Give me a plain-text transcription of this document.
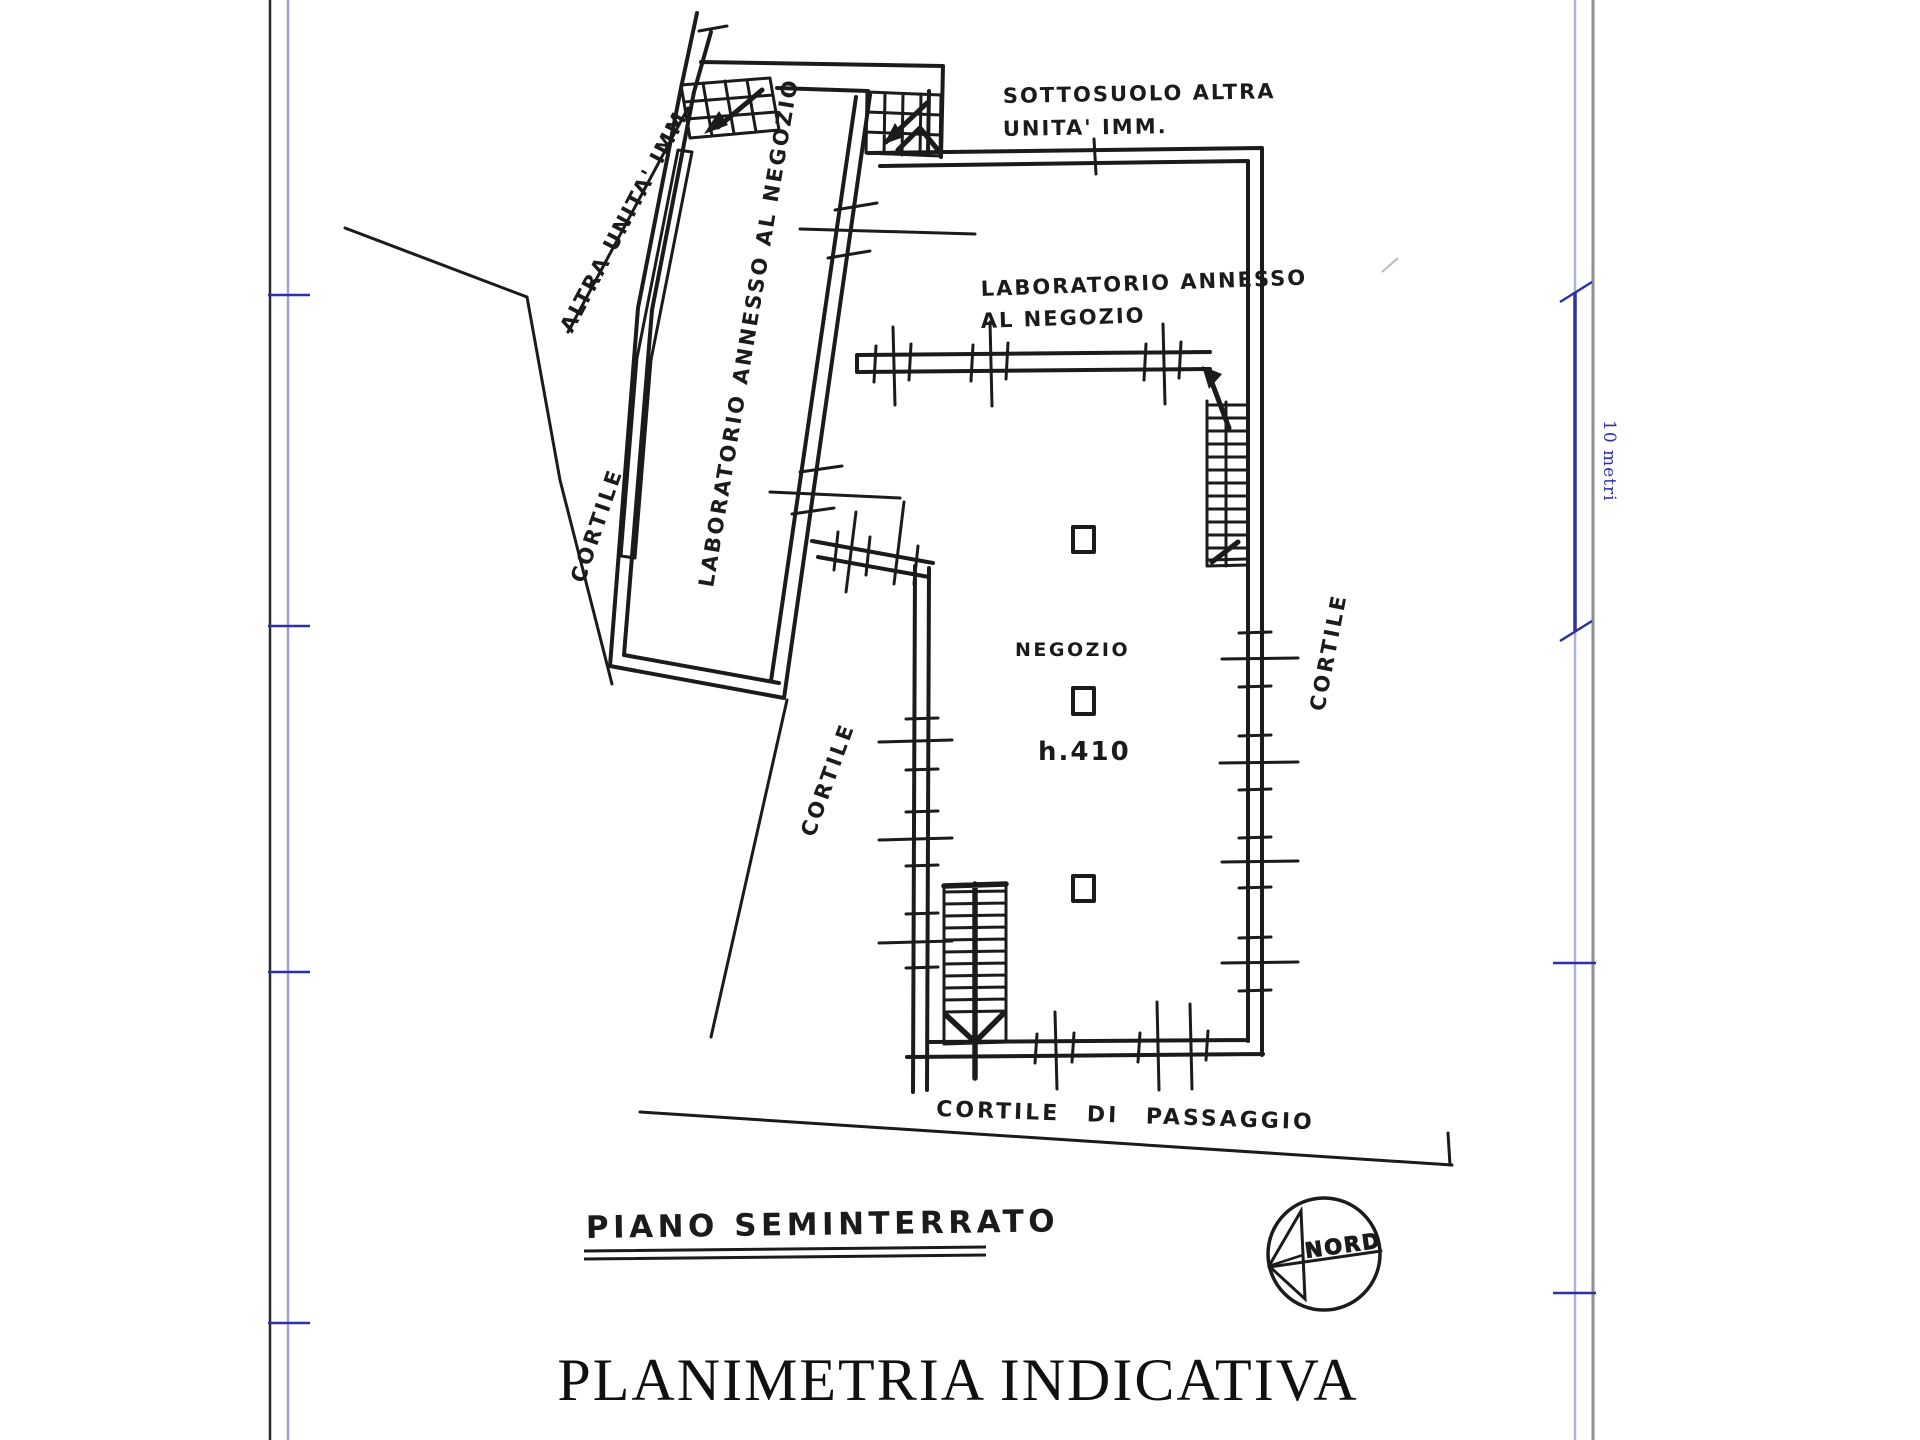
10 metri
NORD
SOTTOSUOLO ALTRA
UNITA' IMM.
ALTRA UNITA' IMM.
LABORATORIO ANNESSO AL NEGOZIO	LABORATORIO ANNESSO
AL NEGOZIO
CORTILE
CORTILE
CORTILE
NEGOZIO
h.410
CORTILE DI PASSAGGIO
PIANO SEMINTERRATO
PLANIMETRIA INDICATIVA
